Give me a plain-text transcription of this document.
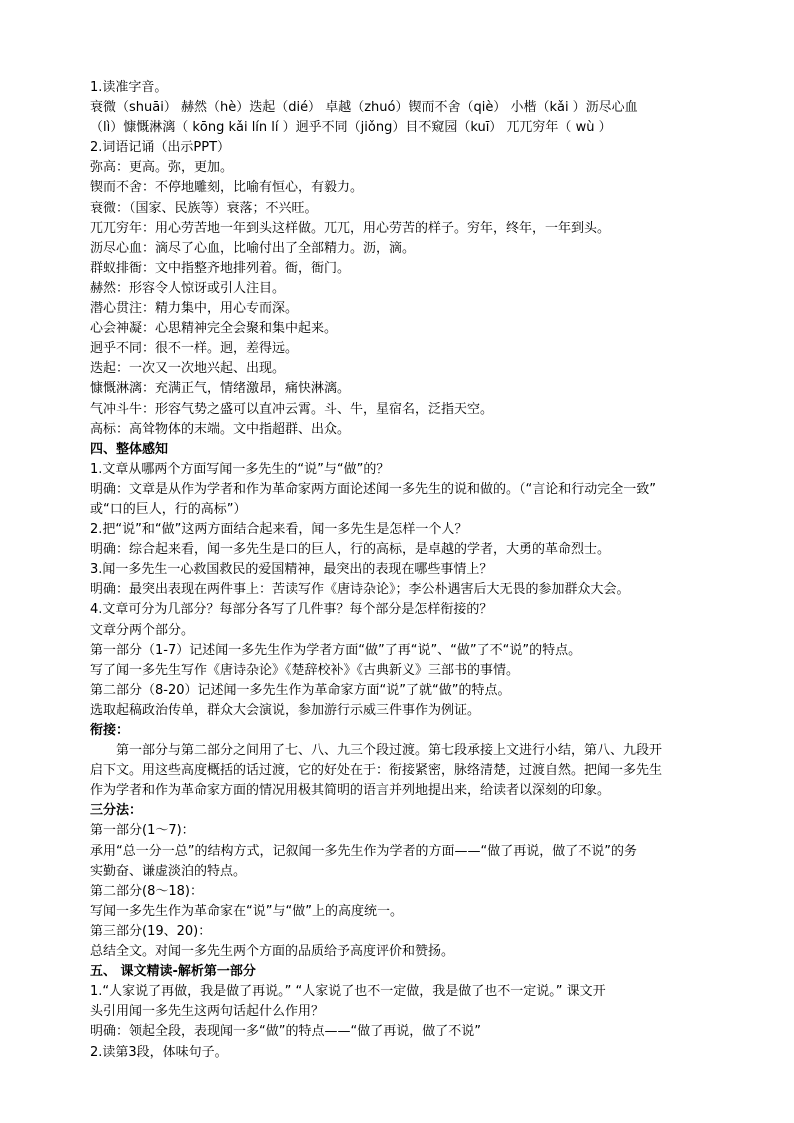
1.读准字音。
衰微（shuāi） 赫然（hè）迭起（dié） 卓越（zhuó）锲而不舍（qiè） 小楷（kǎi ）沥尽心血
（lì）慷慨淋漓（ kōng kǎi lín lí ）迥乎不同（jiǒng）目不窥园（kuī） 兀兀穷年（ wù ）
2.词语记诵（出示PPT）
弥高：更高。弥，更加。
锲而不舍：不停地雕刻，比喻有恒心，有毅力。
衰微：（国家、民族等）衰落；不兴旺。
兀兀穷年：用心劳苦地一年到头这样做。兀兀，用心劳苦的样子。穷年，终年，一年到头。
沥尽心血：滴尽了心血，比喻付出了全部精力。沥，滴。
群蚁排衙：文中指整齐地排列着。衙，衙门。
赫然：形容令人惊讶或引人注目。
潜心贯注：精力集中，用心专而深。
心会神凝：心思精神完全会聚和集中起来。
迥乎不同：很不一样。迥，差得远。
迭起：一次又一次地兴起、出现。
慷慨淋漓：充满正气，情绪激昂，痛快淋漓。
气冲斗牛：形容气势之盛可以直冲云霄。斗、牛，星宿名，泛指天空。
高标：高耸物体的末端。文中指超群、出众。
四、整体感知
1.文章从哪两个方面写闻一多先生的“说”与“做”的？
明确：文章是从作为学者和作为革命家两方面论述闻一多先生的说和做的。（“言论和行动完全一致”
或“口的巨人，行的高标”）
2.把“说”和“做”这两方面结合起来看，闻一多先生是怎样一个人？
明确：综合起来看，闻一多先生是口的巨人，行的高标，是卓越的学者，大勇的革命烈士。
3.闻一多先生一心救国救民的爱国精神，最突出的表现在哪些事情上？
明确：最突出表现在两件事上：苦读写作《唐诗杂论》；李公朴遇害后大无畏的参加群众大会。
4.文章可分为几部分？每部分各写了几件事？每个部分是怎样衔接的？
文章分两个部分。
第一部分（1-7）记述闻一多先生作为学者方面“做”了再“说”、“做”了不“说”的特点。
写了闻一多先生写作《唐诗杂论》《楚辞校补》《古典新义》三部书的事情。
第二部分（8-20）记述闻一多先生作为革命家方面“说”了就“做”的特点。
选取起稿政治传单，群众大会演说，参加游行示威三件事作为例证。
衔接：
第一部分与第二部分之间用了七、八、九三个段过渡。第七段承接上文进行小结，第八、九段开
启下文。用这些高度概括的话过渡，它的好处在于：衔接紧密，脉络清楚，过渡自然。把闻一多先生
作为学者和作为革命家方面的情况用极其简明的语言并列地提出来，给读者以深刻的印象。
三分法：
第一部分(1～7)：
承用“总一分一总”的结构方式，记叙闻一多先生作为学者的方面——“做了再说，做了不说”的务
实勤奋、谦虚淡泊的特点。
第二部分(8～18)：
写闻一多先生作为革命家在“说”与“做”上的高度统一。
第三部分(19、20)：
总结全文。对闻一多先生两个方面的品质给予高度评价和赞扬。
五、 课文精读-解析第一部分
1.“人家说了再做，我是做了再说。” “人家说了也不一定做，我是做了也不一定说。” 课文开
头引用闻一多先生这两句话起什么作用？
明确：领起全段，表现闻一多“做”的特点——“做了再说，做了不说”
2.读第3段，体味句子。
